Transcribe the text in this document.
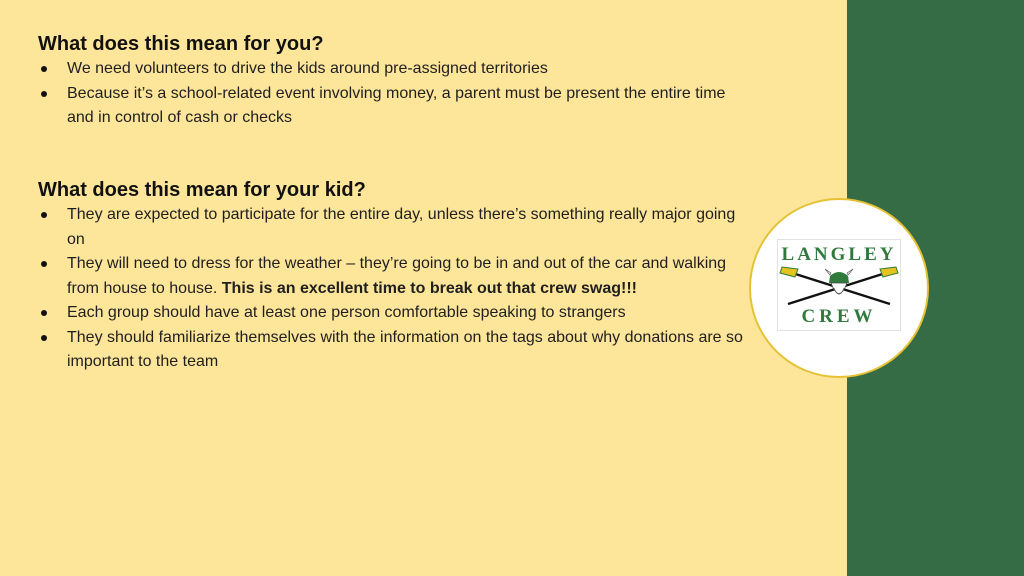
What does this mean for you?
We need volunteers to drive the kids around pre-assigned territories
Because it’s a school-related event involving money, a parent must be present the entire time and in control of cash or checks
What does this mean for your kid?
They are expected to participate for the entire day, unless there’s something really major going on
They will need to dress for the weather – they’re going to be in and out of the car and walking from house to house. This is an excellent time to break out that crew swag!!!
Each group should have at least one person comfortable speaking to strangers
They should familiarize themselves with the information on the tags about why donations are so important to the team
LANGLEY
CREW
